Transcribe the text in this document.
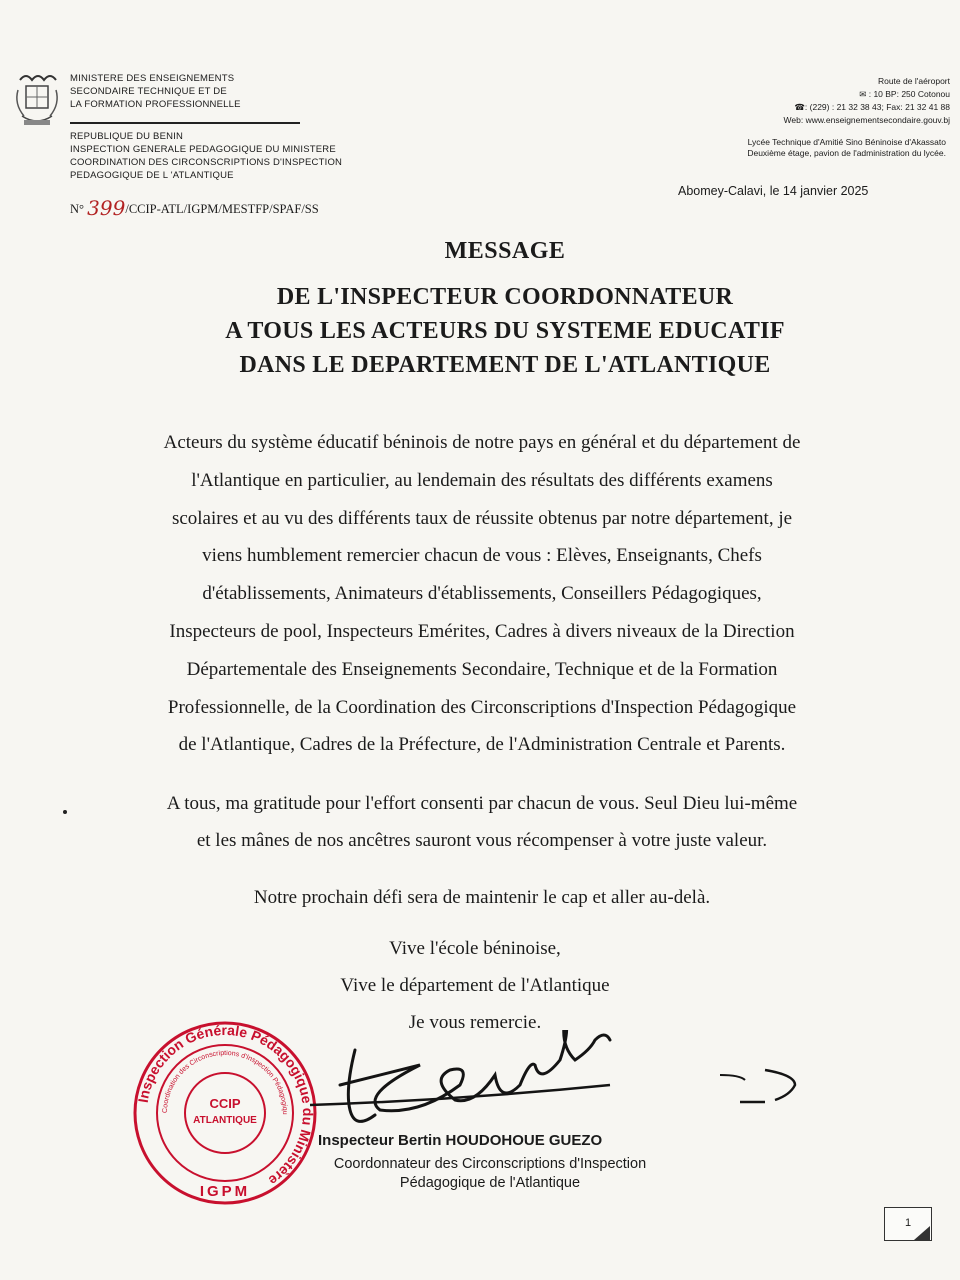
MINISTERE DES ENSEIGNEMENTS
SECONDAIRE TECHNIQUE ET DE
LA FORMATION PROFESSIONNELLE
REPUBLIQUE DU BENIN
INSPECTION GENERALE PEDAGOGIQUE DU MINISTERE
COORDINATION DES CIRCONSCRIPTIONS D'INSPECTION
PEDAGOGIQUE DE L 'ATLANTIQUE
N° 399/CCIP-ATL/IGPM/MESTFP/SPAF/SS
Route de l'aéroport
✉ : 10 BP: 250 Cotonou
☎: (229) : 21 32 38 43; Fax: 21 32 41 88
Web: www.enseignementsecondaire.gouv.bj
Lycée Technique d'Amitié Sino Béninoise d'Akassato
Deuxième étage, pavion de l'administration du lycée.
Abomey-Calavi, le 14 janvier 2025
MESSAGE
DE L'INSPECTEUR COORDONNATEUR
A TOUS LES ACTEURS DU SYSTEME EDUCATIF
DANS LE DEPARTEMENT DE L'ATLANTIQUE
Acteurs du système éducatif béninois de notre pays en général et du département de
l'Atlantique en particulier, au lendemain des résultats des différents examens
scolaires et au vu des différents taux de réussite obtenus par notre département, je
viens humblement remercier chacun de vous : Elèves, Enseignants, Chefs
d'établissements, Animateurs d'établissements, Conseillers Pédagogiques,
Inspecteurs de pool, Inspecteurs Emérites, Cadres à divers niveaux de la Direction
Départementale des Enseignements Secondaire, Technique et de la Formation
Professionnelle, de la Coordination des Circonscriptions d'Inspection Pédagogique
de l'Atlantique, Cadres de la Préfecture, de l'Administration Centrale et Parents.
A tous, ma gratitude pour l'effort consenti par chacun de vous. Seul Dieu lui-même
et les mânes de nos ancêtres sauront vous récompenser à votre juste valeur.
Notre prochain défi sera de maintenir le cap et aller au-delà.
Vive l'école béninoise,
Vive le département de l'Atlantique
Je vous remercie.
Inspection Générale Pédagogique du Ministère
Coordination des Circonscriptions d'Inspection Pédagogiqu
CCIP
ATLANTIQUE
IGPM
Inspecteur Bertin HOUDOHOUE GUEZO
Coordonnateur des Circonscriptions d'Inspection
Pédagogique de l'Atlantique
1
